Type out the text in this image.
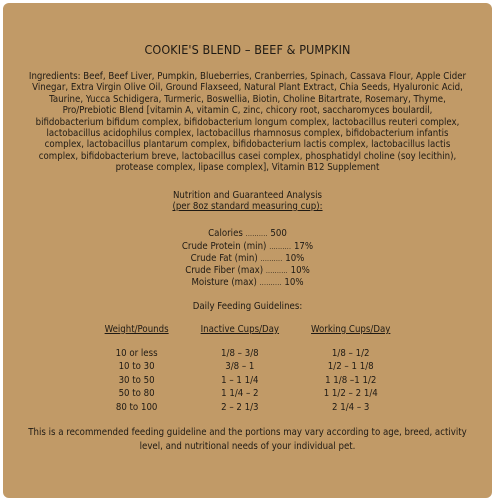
COOKIE'S BLEND – BEEF & PUMPKIN
Ingredients: Beef, Beef Liver, Pumpkin, Blueberries, Cranberries, Spinach, Cassava Flour, Apple Cider Vinegar, Extra Virgin Olive Oil, Ground Flaxseed, Natural Plant Extract, Chia Seeds, Hyaluronic Acid, Taurine, Yucca Schidigera, Turmeric, Boswellia, Biotin, Choline Bitartrate, Rosemary, Thyme, Pro/Prebiotic Blend [vitamin A, vitamin C, zinc, chicory root, saccharomyces boulardil, bifidobacterium bifidum complex, bifidobacterium longum complex, lactobacillus reuteri complex, lactobacillus acidophilus complex, lactobacillus rhamnosus complex, bifidobacterium infantis complex, lactobacillus plantarum complex, bifidobacterium lactis complex, lactobacillus lactis complex, bifidobacterium breve, lactobacillus casei complex, phosphatidyl choline (soy lecithin), protease complex, lipase complex], Vitamin B12 Supplement
Nutrition and Guaranteed Analysis
(per 8oz standard measuring cup):
Calories .......... 500
Crude Protein (min) .......... 17%
Crude Fat (min) .......... 10%
Crude Fiber (max) .......... 10%
Moisture (max) .......... 10%
Daily Feeding Guidelines:
Weight/Pounds	Inactive Cups/Day	Working Cups/Day
10 or less	1/8 – 3/8	1/8 – 1/2
10 to 30	3/8 – 1	1/2 – 1 1/8
30 to 50	1 – 1 1/4	1 1/8 –1 1/2
50 to 80	1 1/4 – 2	1 1/2 – 2 1/4
80 to 100	2 – 2 1/3	2 1/4 – 3
This is a recommended feeding guideline and the portions may vary according to age, breed, activity level, and nutritional needs of your individual pet.
